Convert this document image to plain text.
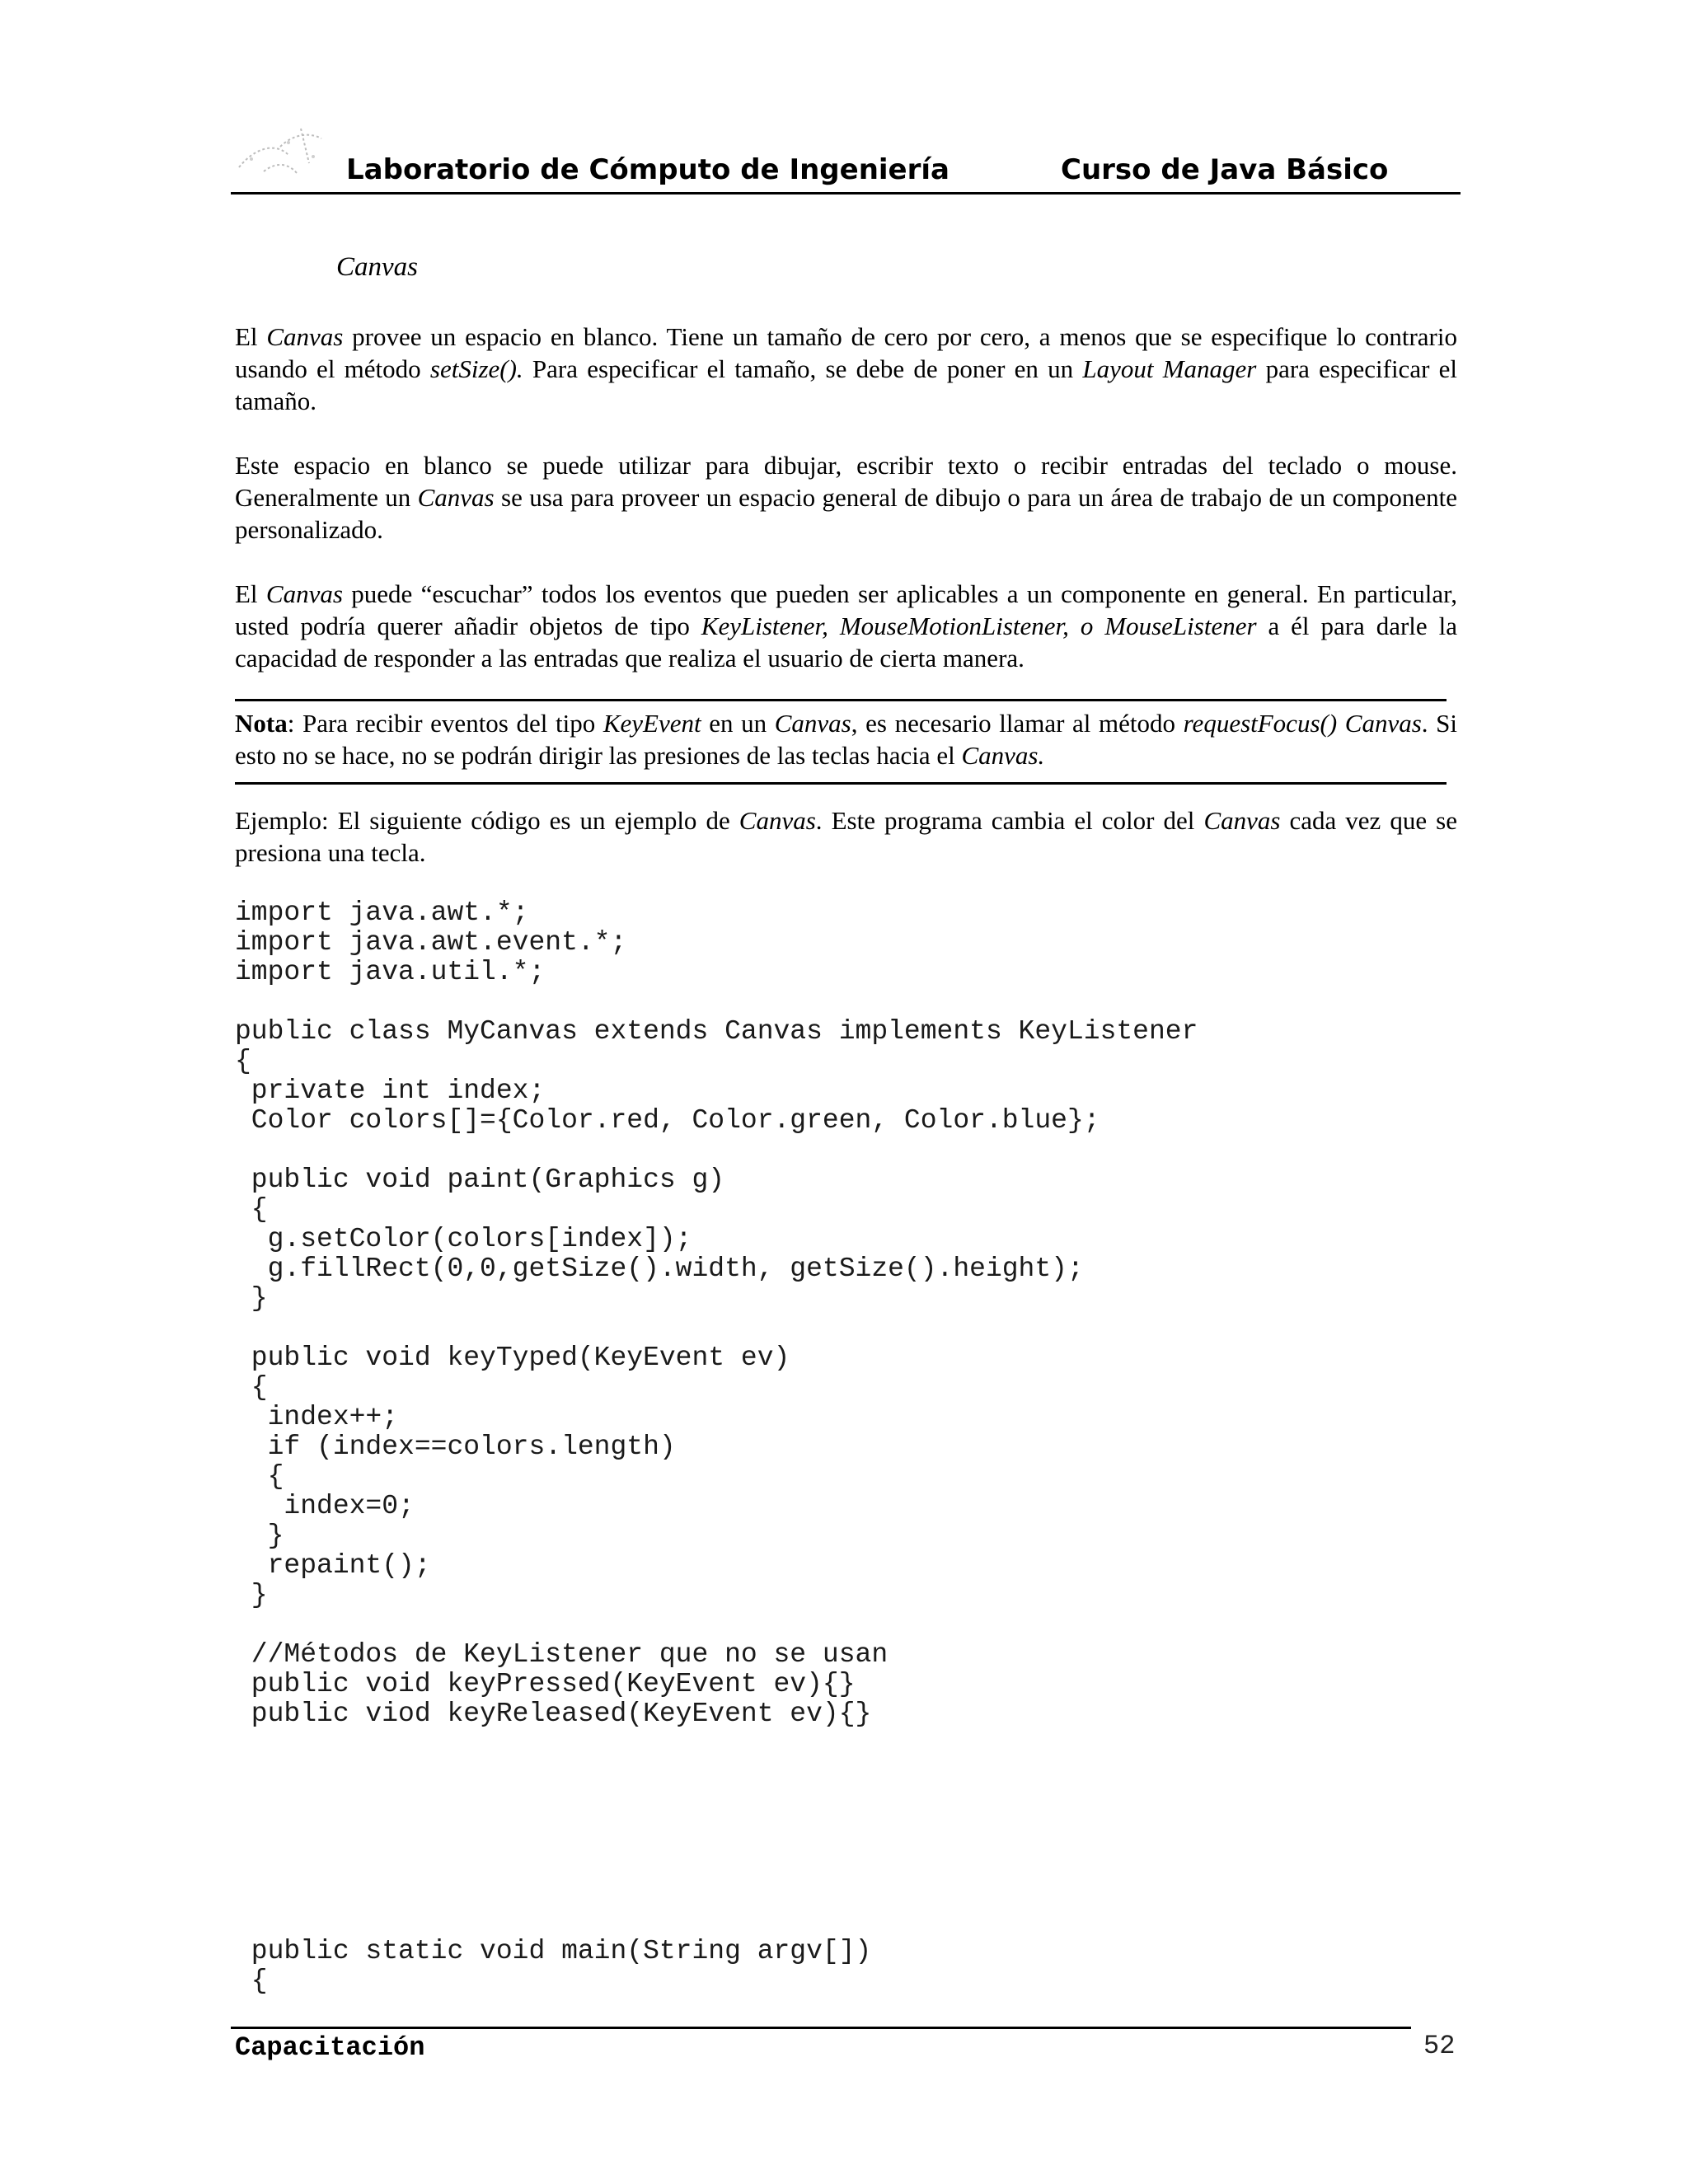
Laboratorio de Cómputo de Ingeniería	Curso de Java Básico
Canvas
El Canvas provee un espacio en blanco. Tiene un tamaño de cero por cero, a menos que se especifique lo contrario usando el método setSize(). Para especificar el tamaño, se debe de poner en un Layout Manager para especificar el tamaño.
Este espacio en blanco se puede utilizar para dibujar, escribir texto o recibir entradas del teclado o mouse. Generalmente un Canvas se usa para proveer un espacio general de dibujo o para un área de trabajo de un componente personalizado.
El Canvas puede “escuchar” todos los eventos que pueden ser aplicables a un componente en general. En particular, usted podría querer añadir objetos de tipo KeyListener, MouseMotionListener, o MouseListener a él para darle la capacidad de responder a las entradas que realiza el usuario de cierta manera.
Nota: Para recibir eventos del tipo KeyEvent en un Canvas, es necesario llamar al método requestFocus() Canvas. Si esto no se hace, no se podrán dirigir las presiones de las teclas hacia el Canvas.
Ejemplo: El siguiente código es un ejemplo de Canvas. Este programa cambia el color del Canvas cada vez que se presiona una tecla.
import java.awt.*;
import java.awt.event.*;
import java.util.*;
public class MyCanvas extends Canvas implements KeyListener
{
private int index;
Color colors[]={Color.red, Color.green, Color.blue};
public void paint(Graphics g)
{
g.setColor(colors[index]);
g.fillRect(0,0,getSize().width, getSize().height);
}
public void keyTyped(KeyEvent ev)
{
index++;
if (index==colors.length)
{
index=0;
}
repaint();
}
//Métodos de KeyListener que no se usan
public void keyPressed(KeyEvent ev){}
public viod keyReleased(KeyEvent ev){}
public static void main(String argv[])
{
Capacitación	52
